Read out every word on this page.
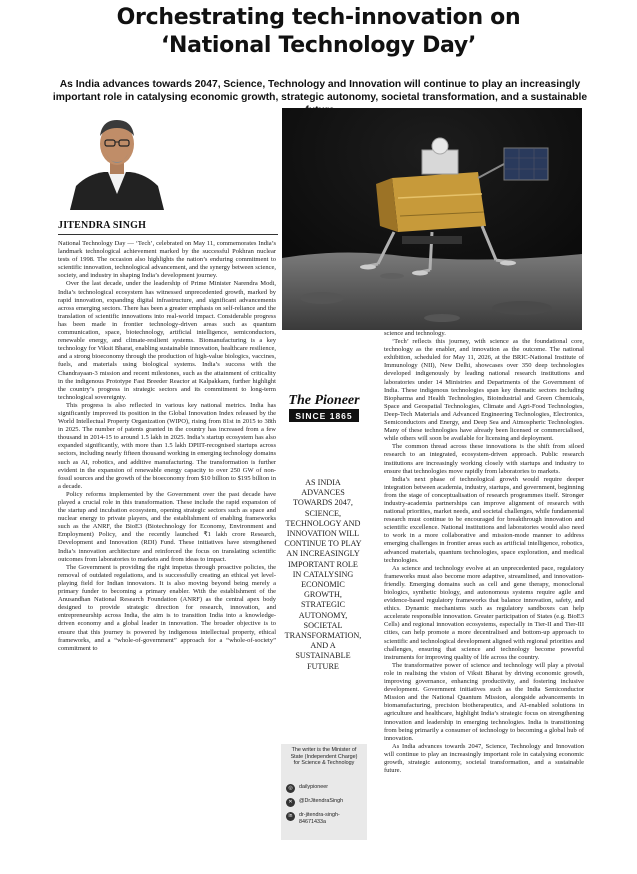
Orchestrating tech-innovation on
‘National Technology Day’
As India advances towards 2047, Science, Technology and Innovation will continue to play an increasingly important role in catalysing economic growth, strategic autonomy, societal transformation, and a sustainable
JITENDRA SINGH

National Technology Day — ‘Tech’, celebrated on May 11, commemorates India’s landmark technological achievement marked by the successful Pokhran nuclear tests of 1998. The occasion also highlights the nation’s enduring commitment to scientific innovation, technological advancement, and the synergy between science, society, and industry in shaping India’s development journey.

Over the last decade, under the leadership of Prime Minister Narendra Modi, India’s technological ecosystem has witnessed unprecedented growth, marked by rapid innovation, expanding digital infrastructure, and significant advancements across emerging sectors. There has been a greater emphasis on self-reliance and the translation of scientific innovations into real-world impact. Considerable progress has been made in frontier technology-driven areas such as quantum communication, space, biotechnology, artificial intelligence, semiconductors, renewable energy, and climate-resilient systems. Biomanufacturing is a key technology for Viksit Bharat, enabling sustainable innovation, healthcare resilience, and a strong bioeconomy through the production of high-value biologics, vaccines, fuels, and materials using biological systems. India’s success with the Chandrayaan-3 mission and recent milestones, such as the attainment of criticality in the indigenous Prototype Fast Breeder Reactor at Kalpakkam, further highlight the country’s progress in strategic sectors and its commitment to long-term technological sovereignty.

This progress is also reflected in various key national metrics. India has significantly improved its position in the Global Innovation Index released by the World Intellectual Property Organization (WIPO), rising from 81st in 2015 to 38th in 2025. The number of patents granted in the country has increased from a few thousand in 2014-15 to around 1.5 lakh in 2025. India’s startup ecosystem has also expanded significantly, with more than 1.5 lakh DPIIT-recognised startups across sectors, including nearly fifteen thousand working in emerging technology domains such as AI, robotics, and additive manufacturing. The transformation is further evident in the expansion of renewable energy capacity to over 250 GW of non-fossil sources and the growth of the bioeconomy from $10 billion to $195 billion in a decade.

Policy reforms implemented by the Government over the past decade have played a crucial role in this transformation. These include the rapid expansion of the startup and incubation ecosystem, opening strategic sectors such as space and nuclear energy to private players, and the establishment of enabling frameworks such as the ANRF, the BioE3 (Biotechnology for Economy, Environment and Employment) Policy, and the recently launched ₹1 lakh crore Research, Development and Innovation (RDI) Fund. These initiatives have strengthened India’s innovation architecture and reinforced the focus on translating scientific outcomes from laboratories to markets and from ideas to impact.

The Government is providing the right impetus through proactive policies, the removal of outdated regulations, and is successfully creating an ethical yet level-playing field for Indian innovators. It is also moving beyond being merely a primary funder to becoming a primary enabler. With the establishment of the Anusandhan National Research Foundation (ANRF) as the central apex body designed to provide strategic direction for research, innovation, and entrepreneurship across India, the aim is to transition India into a knowledge-driven economy and a global leader in innovation. The broader objective is to ensure that this journey is powered by indigenous intellectual property, ethical frameworks, and a “whole-of-government” approach for a “whole-of-society” commitment to

The Pioneer
SINCE 1865
AS INDIA ADVANCES TOWARDS 2047, SCIENCE, TECHNOLOGY AND INNOVATION WILL CONTINUE TO PLAY AN INCREASINGLY IMPORTANT ROLE IN CATALYSING ECONOMIC GROWTH, STRATEGIC AUTONOMY, SOCIETAL TRANSFORMATION, AND A SUSTAINABLE FUTURE
The writer is the Minister of State (Independent Charge) for Science & Technology
◎	dailypioneer
✕	@DrJitendraSingh
in	dr-jitendra-singh-84671433a

science and technology.

‘Tech’ reflects this journey, with science as the foundational core, technology as the enabler, and innovation as the outcome. The national exhibition, scheduled for May 11, 2026, at the BRIC-National Institute of Immunology (NII), New Delhi, showcases over 350 deep technologies developed indigenously by leading national research institutions and laboratories under 14 Ministries and Departments of the Government of India. These indigenous technologies span key thematic sectors including Biopharma and Health Technologies, Bioindustrial and Green Chemicals, Space and Geospatial Technologies, Climate and Agri-Food Technologies, Deep-Tech Materials and Advanced Engineering Technologies, Electronics, Semiconductors and Energy, and Deep Sea and Atmospheric Technologies. Many of these technologies have already been licensed or commercialised, while others will soon be available for licensing and deployment.

The common thread across these innovations is the shift from siloed research to an integrated, ecosystem-driven approach. Public research institutions are increasingly working closely with startups and industry to ensure that technologies move rapidly from laboratories to markets.

India’s next phase of technological growth would require deeper integration between academia, industry, startups, and government, beginning from the stage of conceptualisation of research programmes itself. Stronger industry-academia partnerships can improve alignment of research with national priorities, market needs, and societal challenges, while fundamental research must continue to be encouraged for breakthrough innovation and scientific excellence. National institutions and laboratories would also need to work in a more collaborative and mission-mode manner to address emerging challenges in frontier areas such as artificial intelligence, robotics, advanced materials, quantum technologies, space exploration, and medical technologies.

As science and technology evolve at an unprecedented pace, regulatory frameworks must also become more adaptive, streamlined, and innovation-friendly. Emerging domains such as cell and gene therapy, monoclonal biologics, synthetic biology, and autonomous systems require agile and evidence-based regulatory frameworks that balance innovation, safety, and ethics. Dynamic mechanisms such as regulatory sandboxes can help accelerate responsible innovation. Greater participation of States (e.g. BioE3 Cells) and regional innovation ecosystems, especially in Tier-II and Tier-III cities, can help promote a more decentralised and bottom-up approach to scientific and technological development aligned with regional priorities and challenges, ensuring that science and technology become powerful instruments for improving quality of life across the country.

The transformative power of science and technology will play a pivotal role in realising the vision of Viksit Bharat by driving economic growth, improving governance, enhancing productivity, and fostering inclusive development. Government initiatives such as the India Semiconductor Mission and the National Quantum Mission, alongside advancements in biomanufacturing, precision biotherapeutics, and AI-enabled solutions in agriculture and healthcare, highlight India’s strategic focus on strengthening innovation and leadership in emerging technologies. India is transitioning from being primarily a consumer of technology to becoming a global hub of innovation.

As India advances towards 2047, Science, Technology and Innovation will continue to play an increasingly important role in catalysing economic growth, strategic autonomy, societal transformation, and a sustainable future.
